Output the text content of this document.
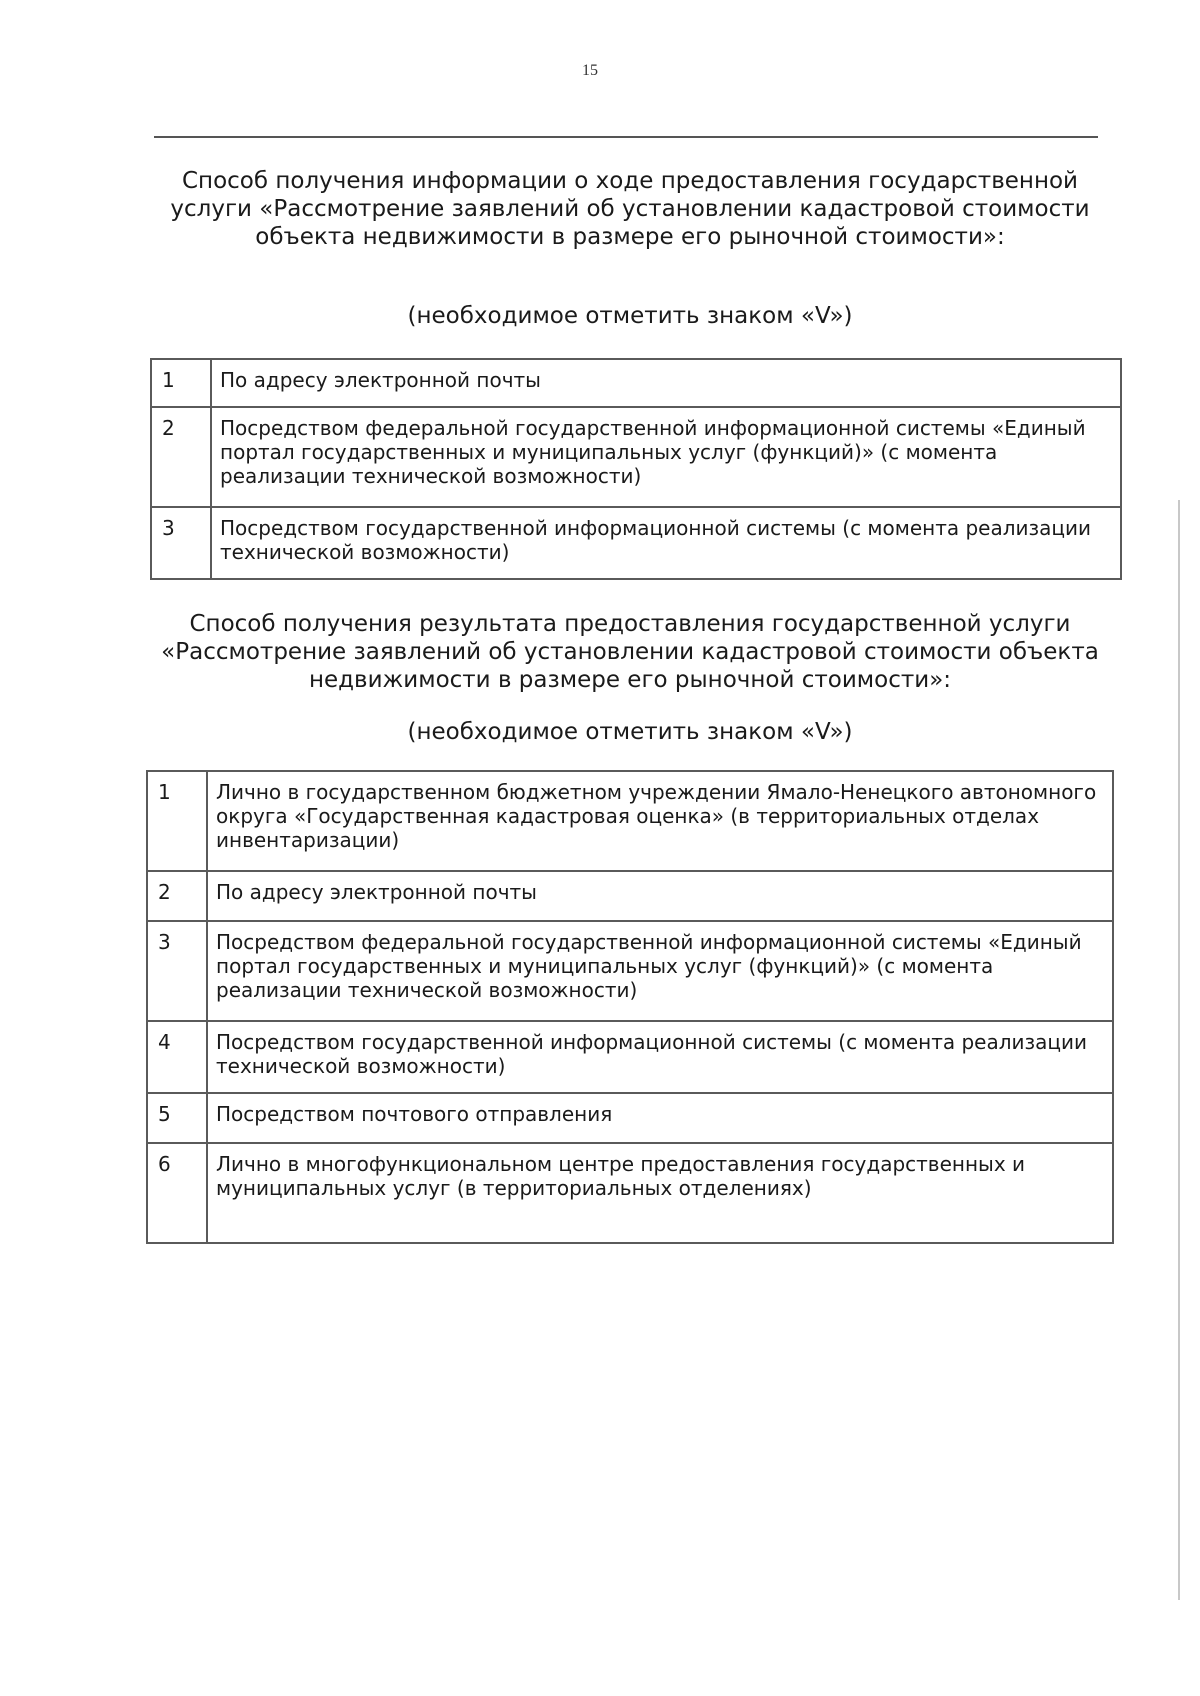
15
Способ получения информации о ходе предоставления государственной услуги «Рассмотрение заявлений об установлении кадастровой стоимости объекта недвижимости в размере его рыночной стоимости»:
(необходимое отметить знаком «V»)
1	По адресу электронной почты
2	Посредством федеральной государственной информационной системы «Единый портал государственных и муниципальных услуг (функций)» (с момента реализации технической возможности)
3	Посредством государственной информационной системы (с момента реализации технической возможности)
Способ получения результата предоставления государственной услуги «Рассмотрение заявлений об установлении кадастровой стоимости объекта недвижимости в размере его рыночной стоимости»:
(необходимое отметить знаком «V»)
1	Лично в государственном бюджетном учреждении Ямало-Ненецкого автономного округа «Государственная кадастровая оценка» (в территориальных отделах инвентаризации)
2	По адресу электронной почты
3	Посредством федеральной государственной информационной системы «Единый портал государственных и муниципальных услуг (функций)» (с момента реализации технической возможности)
4	Посредством государственной информационной системы (с момента реализации технической возможности)
5	Посредством почтового отправления
6	Лично в многофункциональном центре предоставления государственных и муниципальных услуг (в территориальных отделениях)
